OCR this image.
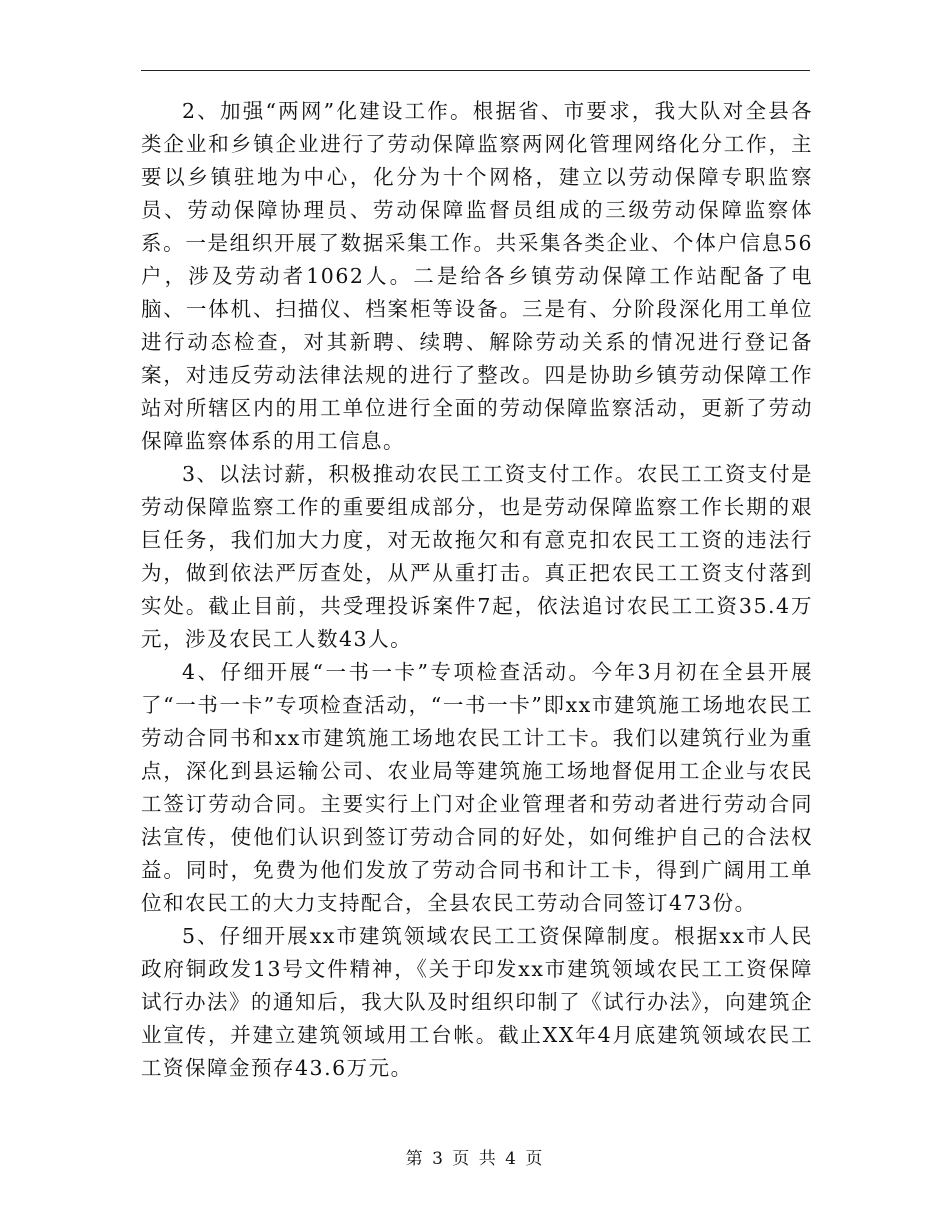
2、加强“两网”化建设工作。根据省、市要求，我大队对全县各类企业和乡镇企业进行了劳动保障监察两网化管理网络化分工作，主要以乡镇驻地为中心，化分为十个网格，建立以劳动保障专职监察员、劳动保障协理员、劳动保障监督员组成的三级劳动保障监察体系。一是组织开展了数据采集工作。共采集各类企业、个体户信息56户，涉及劳动者1062人。二是给各乡镇劳动保障工作站配备了电脑、一体机、扫描仪、档案柜等设备。三是有、分阶段深化用工单位进行动态检查，对其新聘、续聘、解除劳动关系的情况进行登记备案，对违反劳动法律法规的进行了整改。四是协助乡镇劳动保障工作站对所辖区内的用工单位进行全面的劳动保障监察活动，更新了劳动保障监察体系的用工信息。

3、以法讨薪，积极推动农民工工资支付工作。农民工工资支付是劳动保障监察工作的重要组成部分，也是劳动保障监察工作长期的艰巨任务，我们加大力度，对无故拖欠和有意克扣农民工工资的违法行为，做到依法严厉查处，从严从重打击。真正把农民工工资支付落到实处。截止目前，共受理投诉案件7起，依法追讨农民工工资35.4万元，涉及农民工人数43人。

4、仔细开展“一书一卡”专项检查活动。今年3月初在全县开展了“一书一卡”专项检查活动，“一书一卡”即xx市建筑施工场地农民工劳动合同书和xx市建筑施工场地农民工计工卡。我们以建筑行业为重点，深化到县运输公司、农业局等建筑施工场地督促用工企业与农民工签订劳动合同。主要实行上门对企业管理者和劳动者进行劳动合同法宣传，使他们认识到签订劳动合同的好处，如何维护自己的合法权益。同时，免费为他们发放了劳动合同书和计工卡，得到广阔用工单位和农民工的大力支持配合，全县农民工劳动合同签订473份。

5、仔细开展xx市建筑领域农民工工资保障制度。根据xx市人民政府铜政发13号文件精神，《关于印发xx市建筑领域农民工工资保障试行办法》的通知后，我大队及时组织印制了《试行办法》，向建筑企业宣传，并建立建筑领域用工台帐。截止XX年4月底建筑领域农民工工资保障金预存43.6万元。

第 3 页 共 4 页
